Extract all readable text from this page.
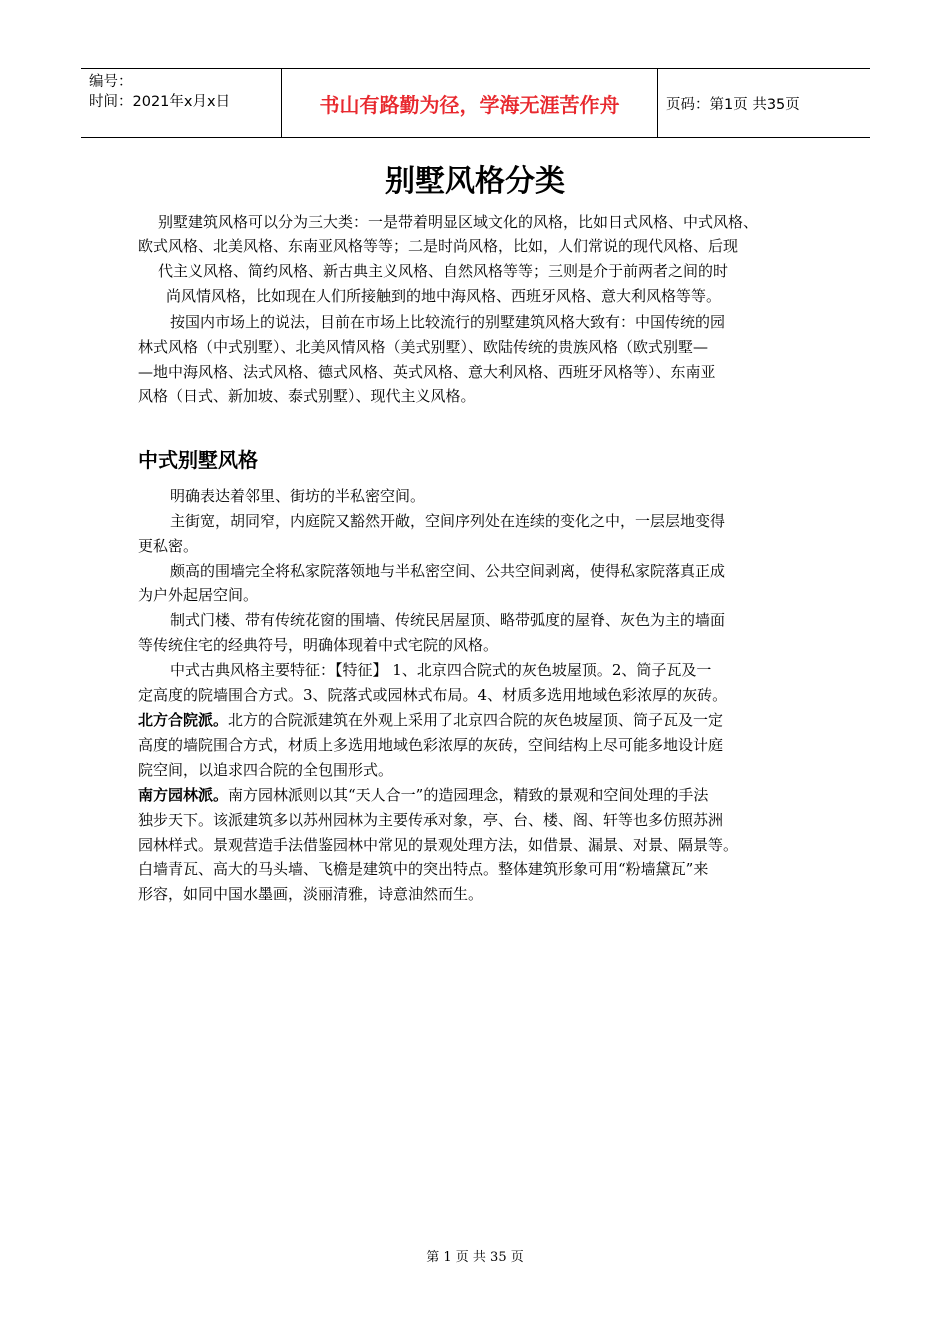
编号：
时间：2021年x月x日	书山有路勤为径，学海无涯苦作舟	页码：第1页 共35页
别墅风格分类
别墅建筑风格可以分为三大类：一是带着明显区域文化的风格，比如日式风格、中式风格、
欧式风格、北美风格、东南亚风格等等；二是时尚风格，比如，人们常说的现代风格、后现
代主义风格、简约风格、新古典主义风格、自然风格等等；三则是介于前两者之间的时
尚风情风格，比如现在人们所接触到的地中海风格、西班牙风格、意大利风格等等。
按国内市场上的说法，目前在市场上比较流行的别墅建筑风格大致有：中国传统的园
林式风格（中式别墅）、北美风情风格（美式别墅）、欧陆传统的贵族风格（欧式别墅—
—地中海风格、法式风格、德式风格、英式风格、意大利风格、西班牙风格等）、东南亚
风格（日式、新加坡、泰式别墅）、现代主义风格。
中式别墅风格
明确表达着邻里、街坊的半私密空间。
主街宽，胡同窄，内庭院又豁然开敞，空间序列处在连续的变化之中，一层层地变得
更私密。
颇高的围墙完全将私家院落领地与半私密空间、公共空间剥离，使得私家院落真正成
为户外起居空间。
制式门楼、带有传统花窗的围墙、传统民居屋顶、略带弧度的屋脊、灰色为主的墙面
等传统住宅的经典符号，明确体现着中式宅院的风格。
中式古典风格主要特征：【特征】 1、北京四合院式的灰色坡屋顶。2、筒子瓦及一
定高度的院墙围合方式。3、院落式或园林式布局。4、材质多选用地域色彩浓厚的灰砖。
北方合院派。北方的合院派建筑在外观上采用了北京四合院的灰色坡屋顶、筒子瓦及一定
高度的墙院围合方式，材质上多选用地域色彩浓厚的灰砖，空间结构上尽可能多地设计庭
院空间，以追求四合院的全包围形式。
南方园林派。南方园林派则以其“天人合一”的造园理念，精致的景观和空间处理的手法
独步天下。该派建筑多以苏州园林为主要传承对象，亭、台、楼、阁、轩等也多仿照苏洲
园林样式。景观营造手法借鉴园林中常见的景观处理方法，如借景、漏景、对景、隔景等。
白墙青瓦、高大的马头墙、飞檐是建筑中的突出特点。整体建筑形象可用“粉墙黛瓦”来
形容，如同中国水墨画，淡丽清雅，诗意油然而生。
第 1 页 共 35 页
